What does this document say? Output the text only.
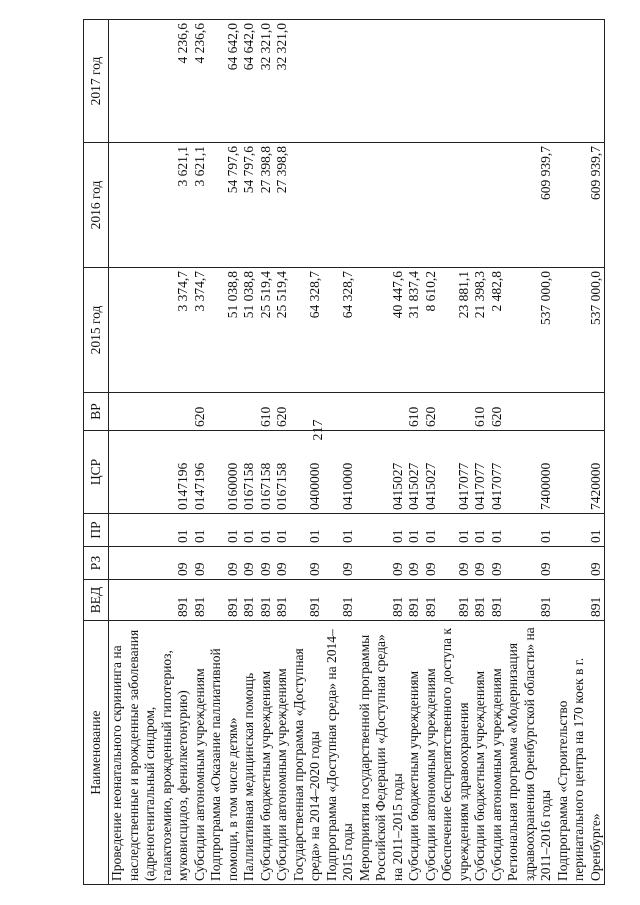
217
Наименование	ВЕД	РЗ	ПР	ЦСР	ВР	2015 год	2016 год	2017 год
Проведение неонатального скрининга на наследственные и врожденные заболевания (адреногенитальный синдром, галактоземию, врожденный гипотериоз, муковисцидоз, фенилкетонурию)	891	09	01	0147196		3 374,7	3 621,1	4 236,6
Субсидии автономным учреждениям	891	09	01	0147196	620	3 374,7	3 621,1	4 236,6
Подпрограмма «Оказание паллиативной помощи, в том числе детям»	891	09	01	0160000		51 038,8	54 797,6	64 642,0
Паллиативная медицинская помощь	891	09	01	0167158		51 038,8	54 797,6	64 642,0
Субсидии бюджетным учреждениям	891	09	01	0167158	610	25 519,4	27 398,8	32 321,0
Субсидии автономным учреждениям	891	09	01	0167158	620	25 519,4	27 398,8	32 321,0
Государственная программа «Доступная среда» на 2014–2020 годы	891	09	01	0400000		64 328,7		
Подпрограмма «Доступная среда» на 2014–2015 годы	891	09	01	0410000		64 328,7		
Мероприятия государственной программы Российской Федерации «Доступная среда» на 2011–2015 годы	891	09	01	0415027		40 447,6		
Субсидии бюджетным учреждениям	891	09	01	0415027	610	31 837,4		
Субсидии автономным учреждениям	891	09	01	0415027	620	8 610,2		
Обеспечение беспрепятственного доступа к учреждениям здравоохранения	891	09	01	0417077		23 881,1		
Субсидии бюджетным учреждениям	891	09	01	0417077	610	21 398,3		
Субсидии автономным учреждениям	891	09	01	0417077	620	2 482,8		
Региональная программа «Модернизация здравоохранения Оренбургской области» на 2011–2016 годы	891	09	01	7400000		537 000,0	609 939,7	
Подпрограмма «Строительство перинатального центра на 170 коек в г. Оренбурге»	891	09	01	7420000		537 000,0	609 939,7	
